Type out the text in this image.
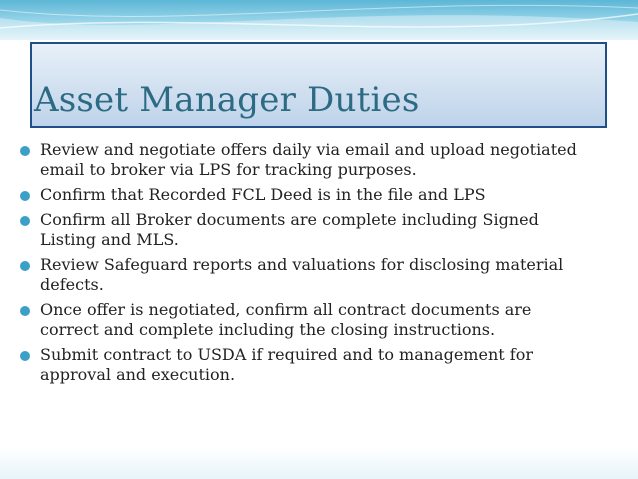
Asset Manager Duties
Review and negotiate offers daily via email and upload negotiated email to broker via LPS for tracking purposes.
Confirm that Recorded FCL Deed is in the file and LPS
Confirm all Broker documents are complete including Signed Listing and MLS.
Review Safeguard reports and valuations for disclosing material defects.
Once offer is negotiated, confirm all contract documents are correct and complete including the closing instructions.
Submit contract to USDA if required and to management for approval and execution.
